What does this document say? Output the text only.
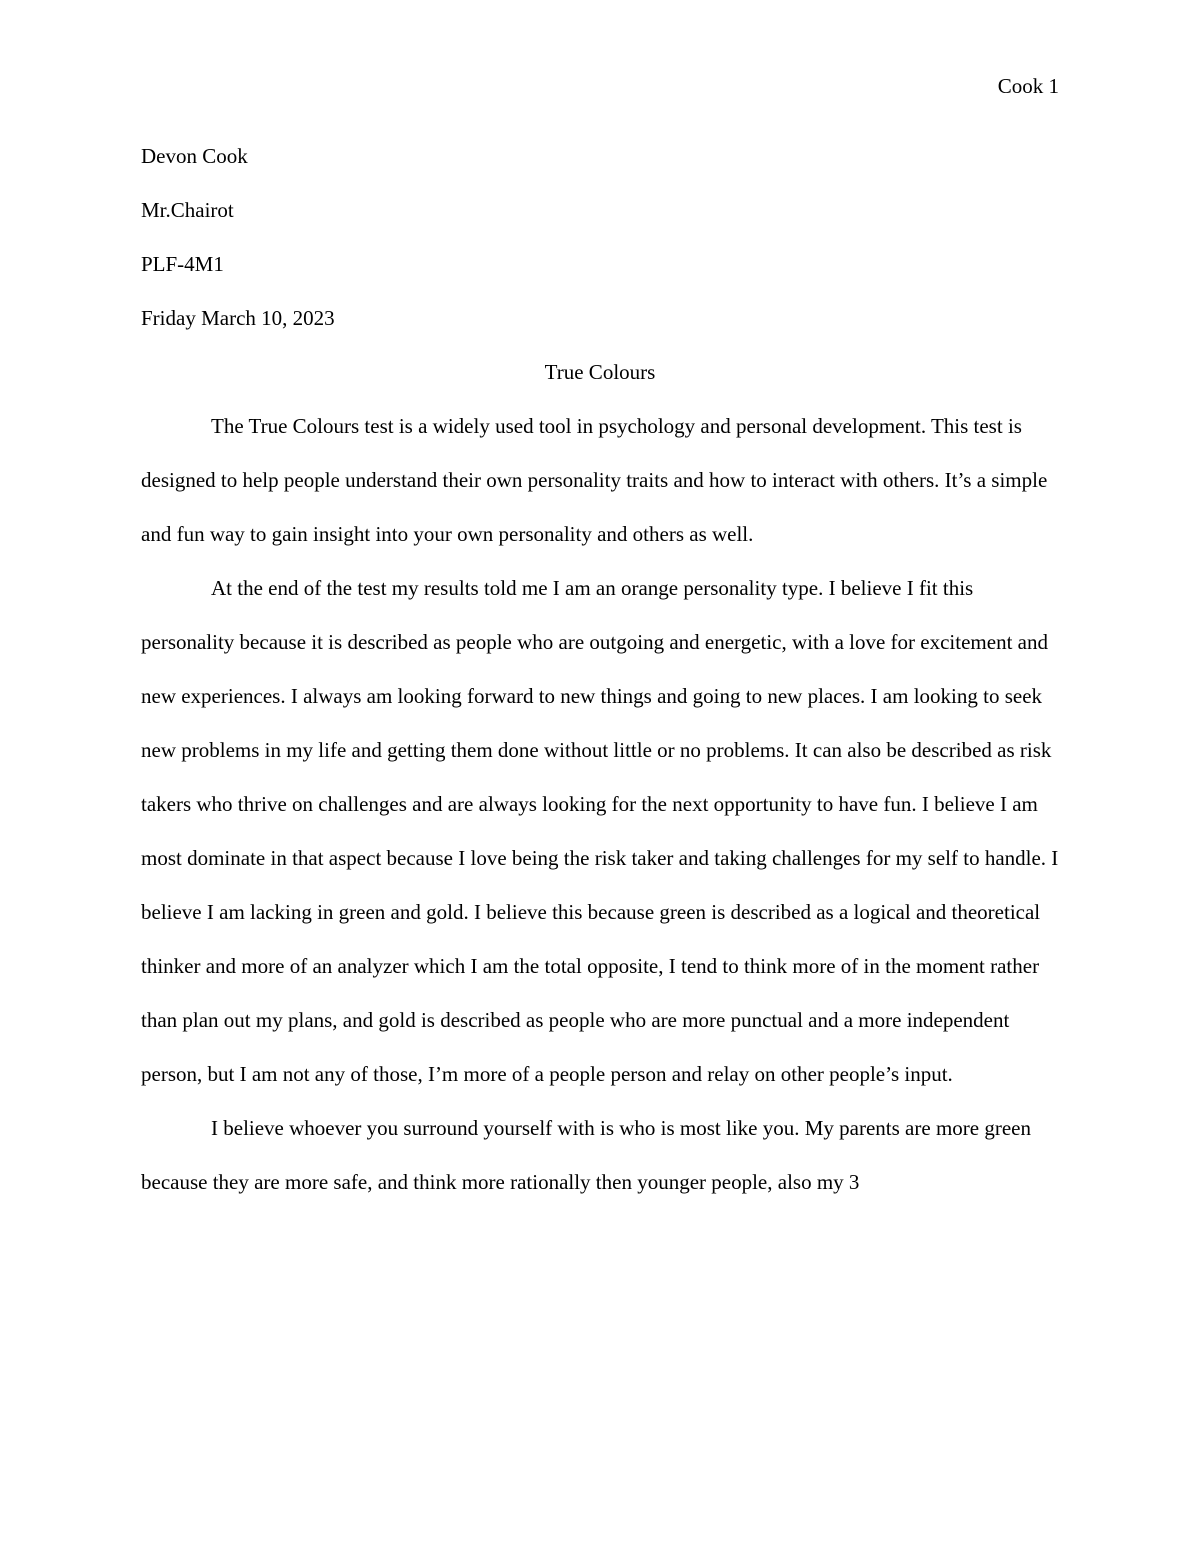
Cook 1

Devon Cook

Mr.Chairot

PLF-4M1

Friday March 10, 2023

True Colours

The True Colours test is a widely used tool in psychology and personal development. This test is designed to help people understand their own personality traits and how to interact with others. It’s a simple and fun way to gain insight into your own personality and others as well.

At the end of the test my results told me I am an orange personality type. I believe I fit this personality because it is described as people who are outgoing and energetic, with a love for excitement and new experiences. I always am looking forward to new things and going to new places. I am looking to seek new problems in my life and getting them done without little or no problems. It can also be described as risk takers who thrive on challenges and are always looking for the next opportunity to have fun. I believe I am most dominate in that aspect because I love being the risk taker and taking challenges for my self to handle. I believe I am lacking in green and gold. I believe this because green is described as a logical and theoretical thinker and more of an analyzer which I am the total opposite, I tend to think more of in the moment rather than plan out my plans, and gold is described as people who are more punctual and a more independent person, but I am not any of those, I’m more of a people person and relay on other people’s input.

I believe whoever you surround yourself with is who is most like you. My parents are more green because they are more safe, and think more rationally then younger people, also my 3
